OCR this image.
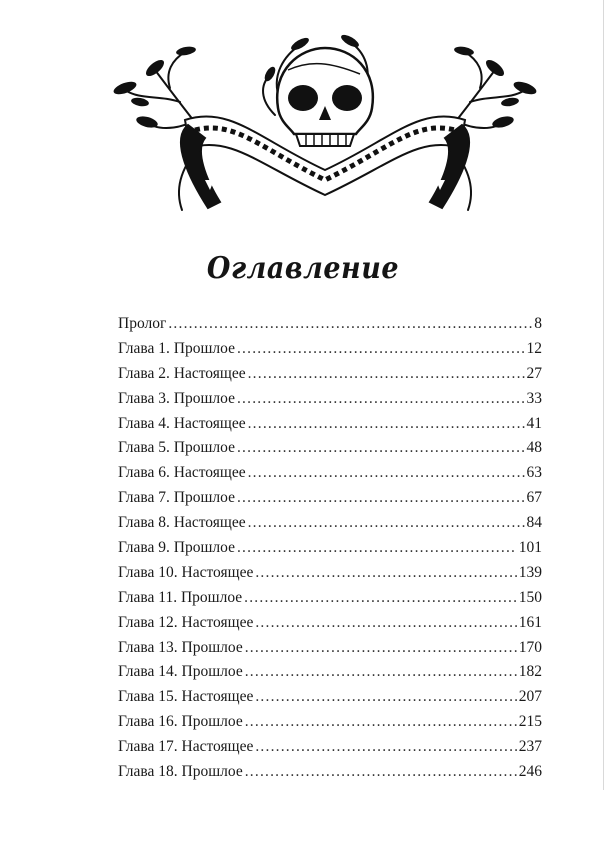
Оглавление
Пролог .....	8
Глава 1. Прошлое .....	12
Глава 2. Настоящее .....	27
Глава 3. Прошлое .....	33
Глава 4. Настоящее .....	41
Глава 5. Прошлое .....	48
Глава 6. Настоящее .....	63
Глава 7. Прошлое .....	67
Глава 8. Настоящее .....	84
Глава 9. Прошлое .....	101
Глава 10. Настоящее .....	139
Глава 11. Прошлое .....	150
Глава 12. Настоящее .....	161
Глава 13. Прошлое .....	170
Глава 14. Прошлое .....	182
Глава 15. Настоящее .....	207
Глава 16. Прошлое .....	215
Глава 17. Настоящее .....	237
Глава 18. Прошлое .....	246
